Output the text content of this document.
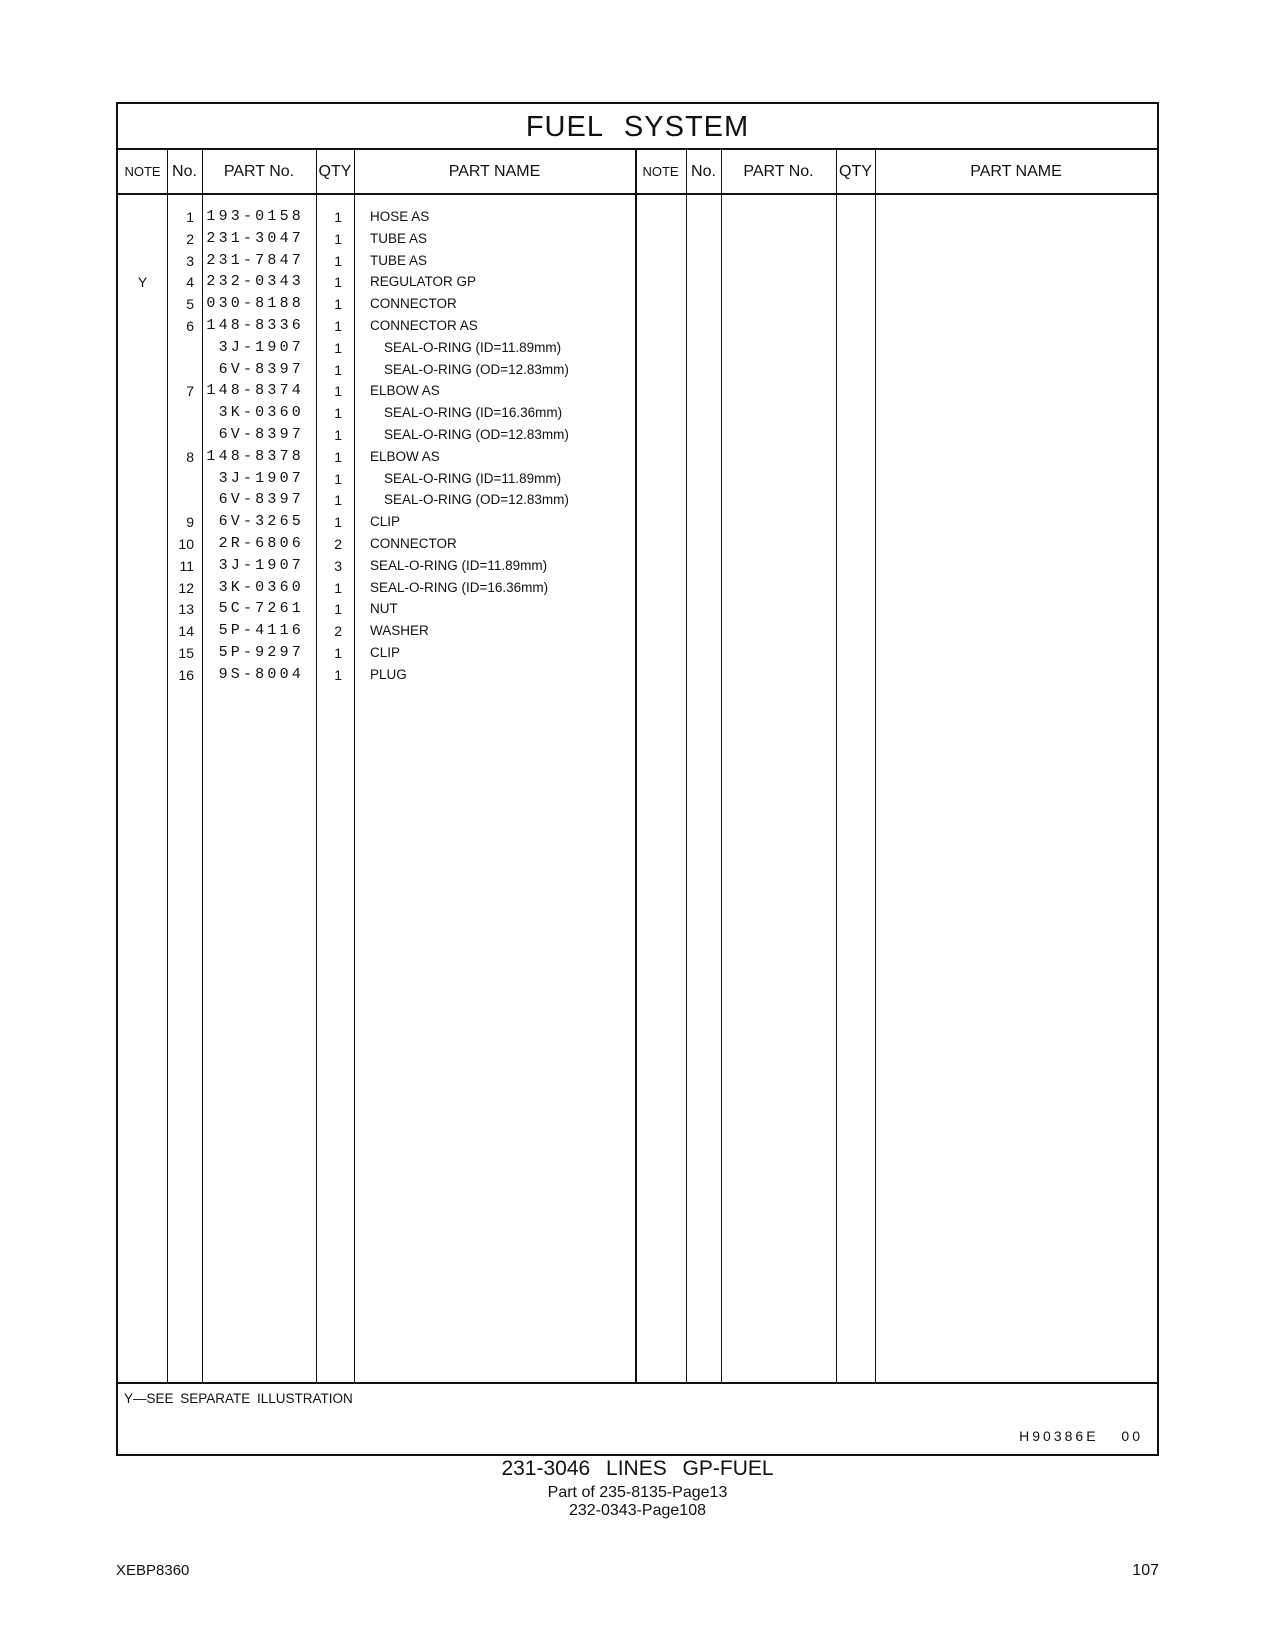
FUEL SYSTEM
NOTE No.	PART No.	QTY	PART NAME	NOTE No.	PART No.	QTY	PART NAME
1 193-0158	1 HOSE AS
2 231-3047	1 TUBE AS
3 231-7847	1 TUBE AS
Y	4 232-0343	1 REGULATOR GP
5 030-8188	1 CONNECTOR
6 148-8336	1 CONNECTOR AS
3J-1907	1	SEAL-O-RING (ID=11.89mm)
6V-8397	1	SEAL-O-RING (OD=12.83mm)
7 148-8374	1 ELBOW AS
3K-0360	1	SEAL-O-RING (ID=16.36mm)
6V-8397	1	SEAL-O-RING (OD=12.83mm)
8 148-8378	1 ELBOW AS
3J-1907	1	SEAL-O-RING (ID=11.89mm)
6V-8397	1	SEAL-O-RING (OD=12.83mm)
9	6V-3265	1 CLIP
10	2R-6806	2 CONNECTOR
11	3J-1907	3 SEAL-O-RING (ID=11.89mm)
12	3K-0360	1 SEAL-O-RING (ID=16.36mm)
13	5C-7261	1 NUT
14	5P-4116	2 WASHER
15	5P-9297	1 CLIP
16	9S-8004	1 PLUG
Y—SEE SEPARATE ILLUSTRATION
H90386E 00
231-3046 LINES GP-FUEL
Part of 235-8135-Page13
232-0343-Page108
XEBP8360	107
